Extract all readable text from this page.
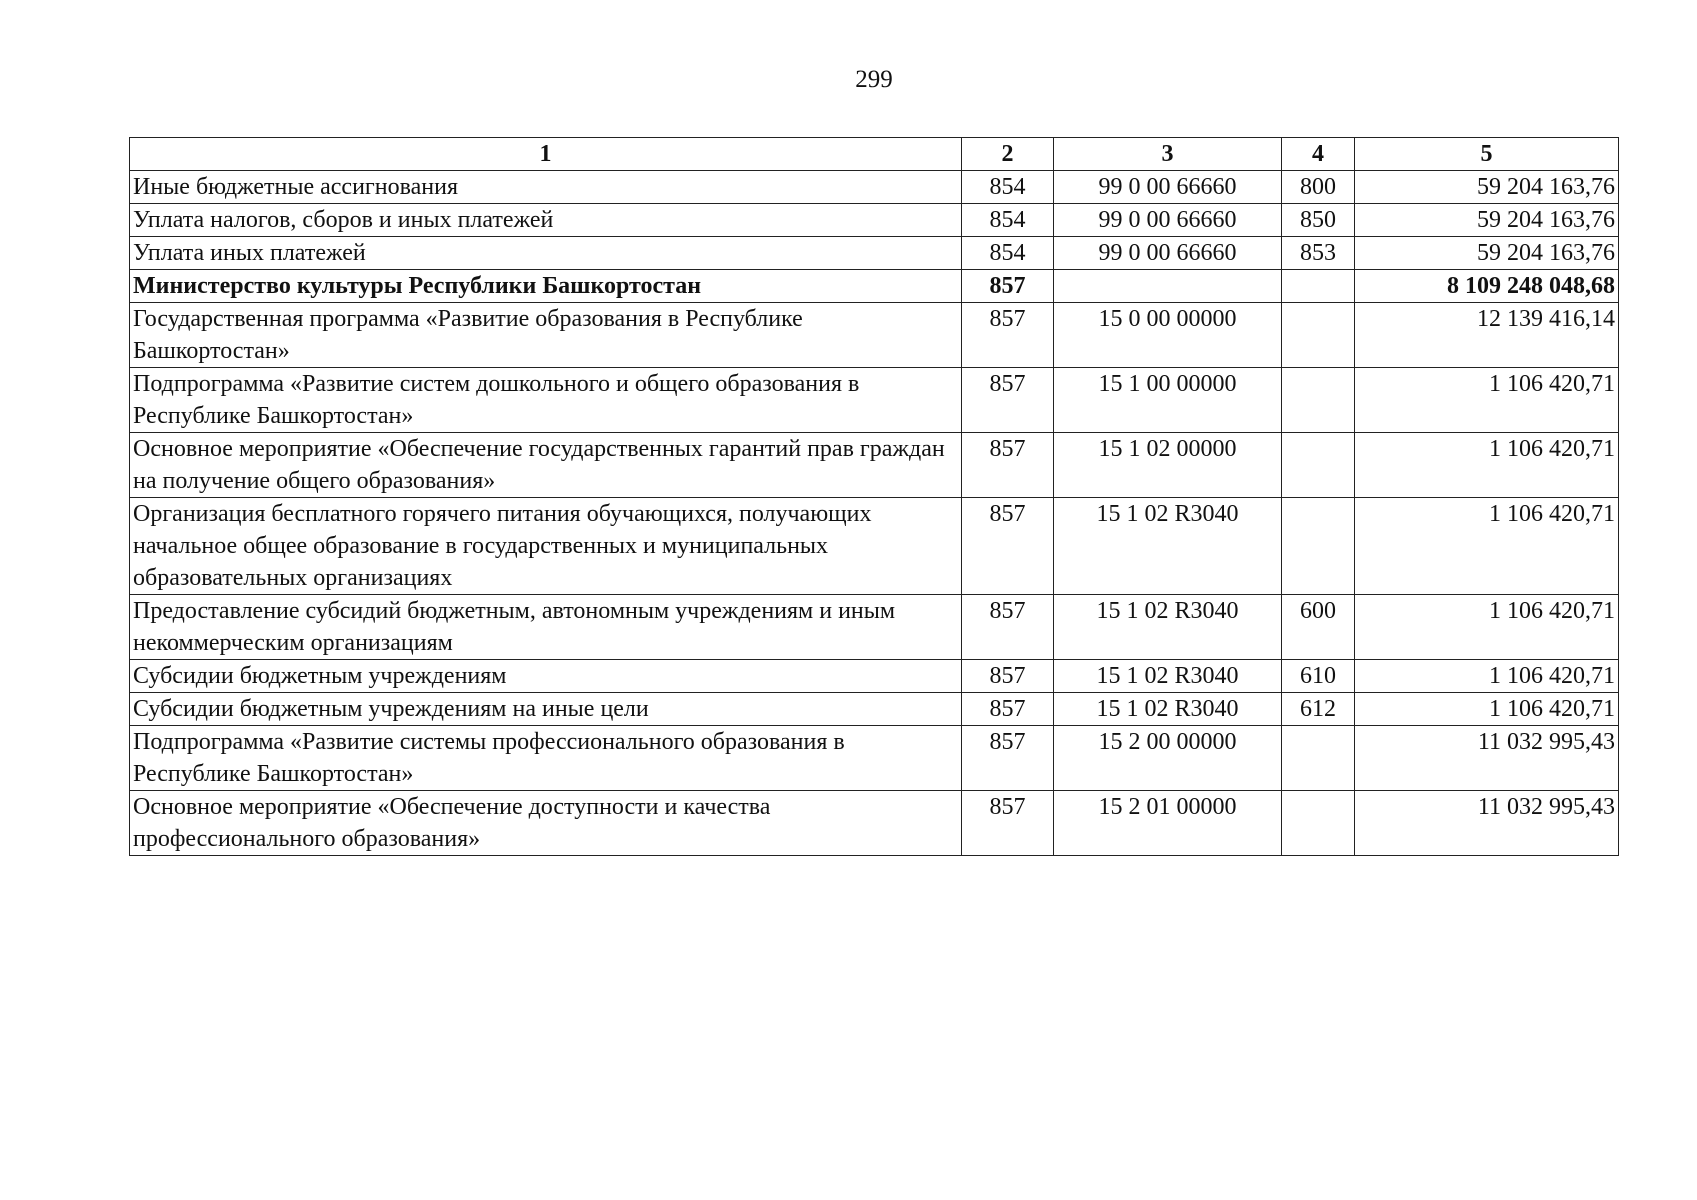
299
1	2	3	4	5
Иные бюджетные ассигнования	854	99 0 00 66660	800	59 204 163,76
Уплата налогов, сборов и иных платежей	854	99 0 00 66660	850	59 204 163,76
Уплата иных платежей	854	99 0 00 66660	853	59 204 163,76
Министерство культуры Республики Башкортостан	857			8 109 248 048,68
Государственная программа «Развитие образования в Республике Башкортостан»	857	15 0 00 00000		12 139 416,14
Подпрограмма «Развитие систем дошкольного и общего образования в Республике Башкортостан»	857	15 1 00 00000		1 106 420,71
Основное мероприятие «Обеспечение государственных гарантий прав граждан на получение общего образования»	857	15 1 02 00000		1 106 420,71
Организация бесплатного горячего питания обучающихся, получающих начальное общее образование в государственных и муниципальных образовательных организациях	857	15 1 02 R3040		1 106 420,71
Предоставление субсидий бюджетным, автономным учреждениям и иным некоммерческим организациям	857	15 1 02 R3040	600	1 106 420,71
Субсидии бюджетным учреждениям	857	15 1 02 R3040	610	1 106 420,71
Субсидии бюджетным учреждениям на иные цели	857	15 1 02 R3040	612	1 106 420,71
Подпрограмма «Развитие системы профессионального образования в Республике Башкортостан»	857	15 2 00 00000		11 032 995,43
Основное мероприятие «Обеспечение доступности и качества профессионального образования»	857	15 2 01 00000		11 032 995,43
